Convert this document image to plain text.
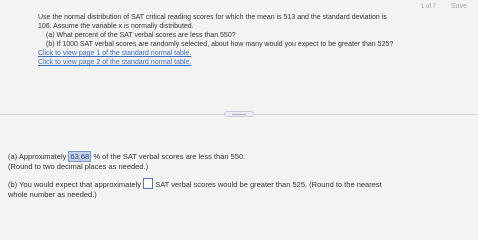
1 of 7	Save

Use the normal distribution of SAT critical reading scores for which the mean is 513 and the standard deviation is
106. Assume the variable x is normally distributed.

(a) What percent of the SAT verbal scores are less than 550?

(b) If 1000 SAT verbal scores are randomly selected, about how many would you expect to be greater than 525?

Click to view page 1 of the standard normal table.
Click to view page 2 of the standard normal table.

(a) Approximately 63.68 % of the SAT verbal scores are less than 550.

(Round to two decimal places as needed.)

(b) You would expect that approximately SAT verbal scores would be greater than 525. (Round to the nearest

whole number as needed.)
